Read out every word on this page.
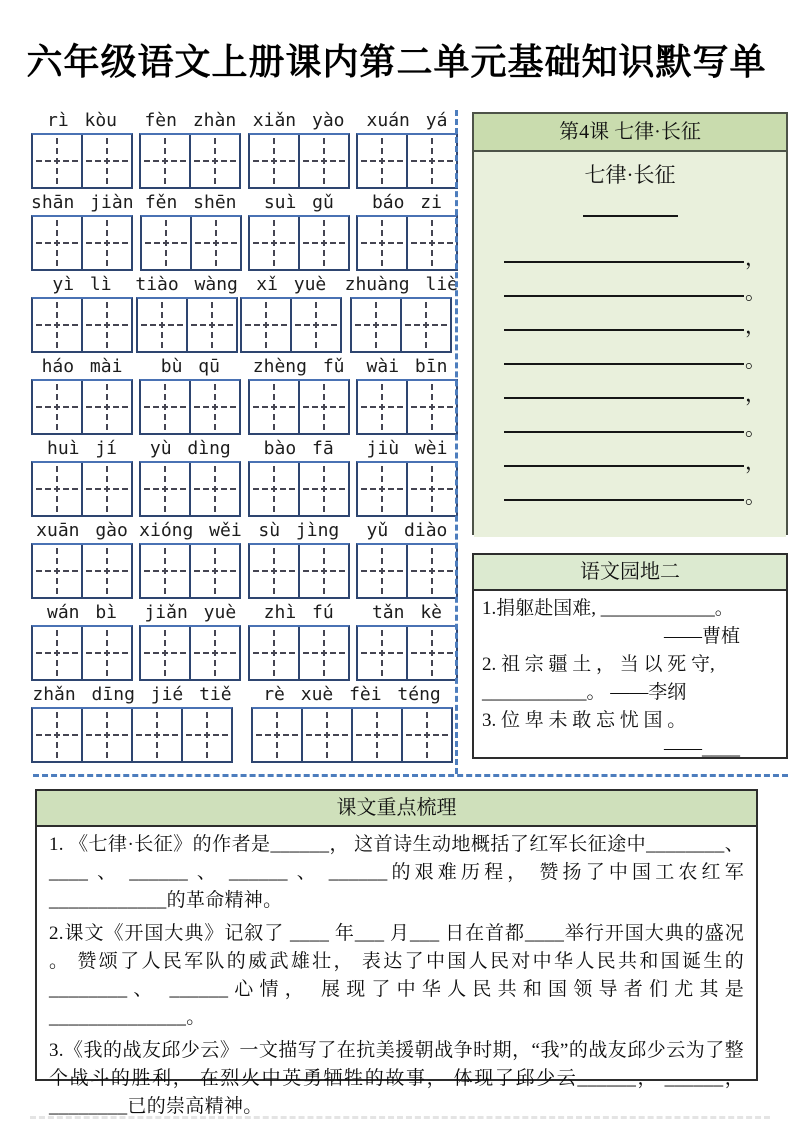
六年级语文上册课内第二单元基础知识默写单
rì kòu fèn zhàn xiǎn yào xuán yá
shān jiàn fěn shēn suì gǔ báo zi
yì lì tiào wàng xǐ yuè zhuàng liè
háo mài bù qū zhèng fǔ wài bīn
huì jí yù dìng bào fā jiù wèi
xuān gào xióng wěi sù jìng yǔ diào
wán bì jiǎn yuè zhì fú tǎn kè
zhǎn dīng jié tiě rè xuè fèi téng
第4课 七律·长征
七律·长征
，
。
，
。
，
。
，
。
语文园地二
1.捐躯赴国难, ____________。
——曹植
2. 祖 宗 疆 土 ， 当 以 死 守, ___________。 ——李纲
3. 位 卑 未 敢 忘 忧 国 。
——____
课文重点梳理

1. 《七律·长征》的作者是______， 这首诗生动地概括了红军长征途中________、 ____ 、 ______ 、 ______ 、 ______的艰难历程， 赞扬了中国工农红军____________的革命精神。

2.课文《开国大典》记叙了 ____ 年___ 月___ 日在首都____举行开国大典的盛况 。 赞颂了人民军队的威武雄壮， 表达了中国人民对中华人民共和国诞生的________、 ______心情， 展现了中华人民共和国领导者们尤其是______________。

3.《我的战友邱少云》一文描写了在抗美援朝战争时期，“我”的战友邱少云为了整个战斗的胜利， 在烈火中英勇牺牲的故事， 体现了邱少云______， ______， ________已的崇高精神。
